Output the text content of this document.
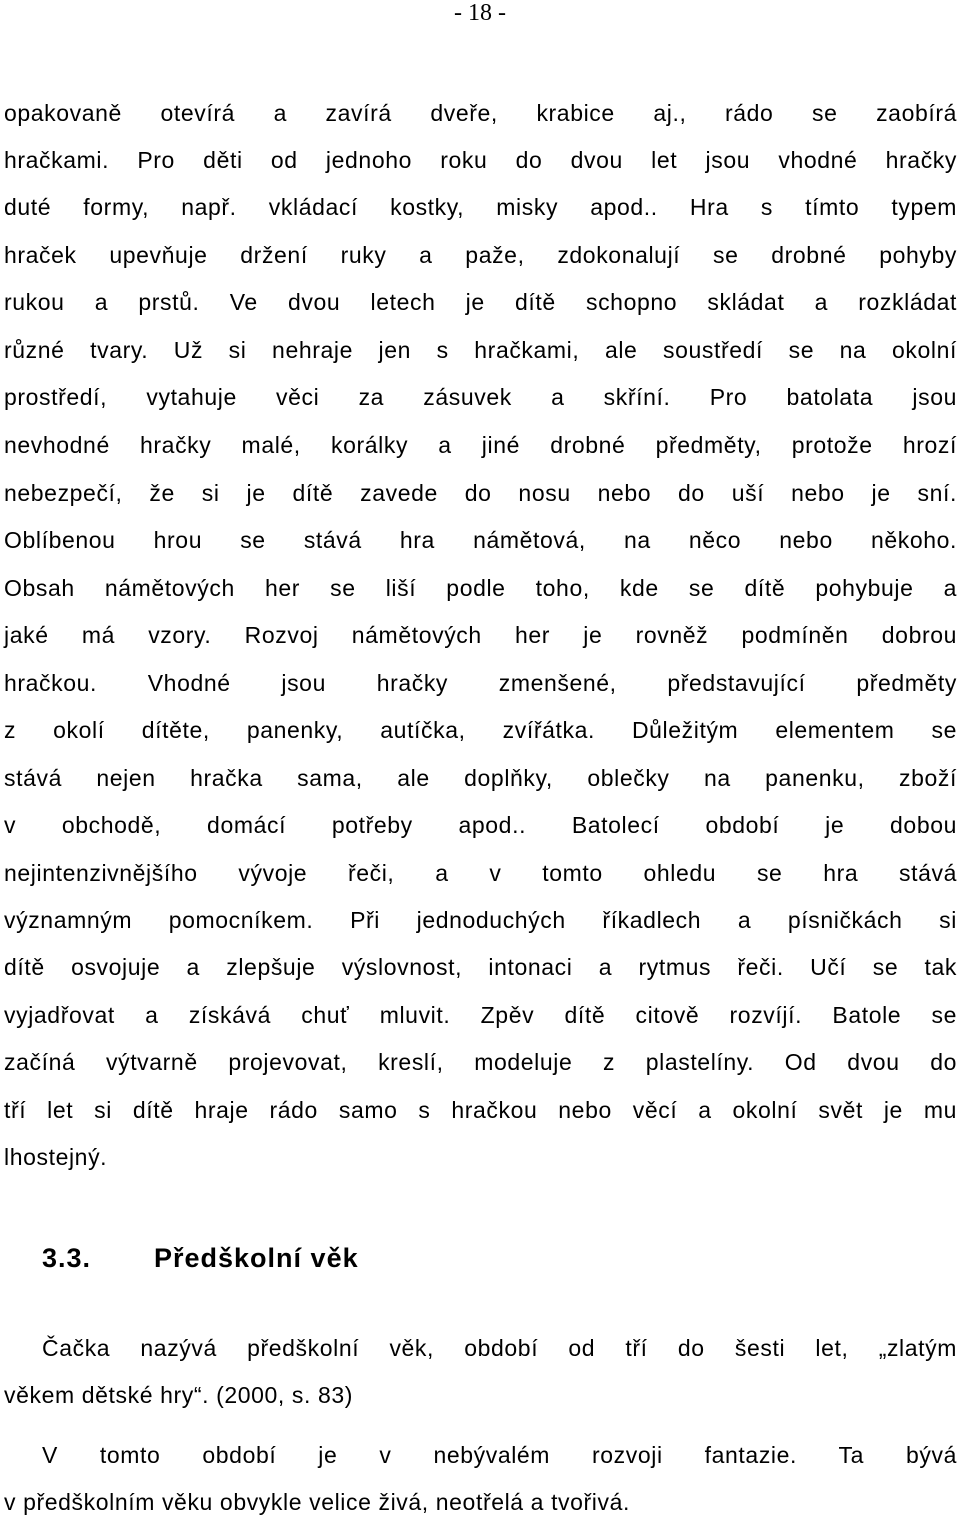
- 18 -
opakovaně otevírá a zavírá dveře, krabice aj., rádo se zaobírá
hračkami. Pro děti od jednoho roku do dvou let jsou vhodné hračky
duté formy, např. vkládací kostky, misky apod.. Hra s tímto typem
hraček upevňuje držení ruky a paže, zdokonalují se drobné pohyby
rukou a prstů. Ve dvou letech je dítě schopno skládat a rozkládat
různé tvary. Už si nehraje jen s hračkami, ale soustředí se na okolní
prostředí, vytahuje věci za zásuvek a skříní. Pro batolata jsou
nevhodné hračky malé, korálky a jiné drobné předměty, protože hrozí
nebezpečí, že si je dítě zavede do nosu nebo do uší nebo je sní.
Oblíbenou hrou se stává hra námětová, na něco nebo někoho.
Obsah námětových her se liší podle toho, kde se dítě pohybuje a
jaké má vzory. Rozvoj námětových her je rovněž podmíněn dobrou
hračkou. Vhodné jsou hračky zmenšené, představující předměty
z okolí dítěte, panenky, autíčka, zvířátka. Důležitým elementem se
stává nejen hračka sama, ale doplňky, oblečky na panenku, zboží
v obchodě, domácí potřeby apod.. Batolecí období je dobou
nejintenzivnějšího vývoje řeči, a v tomto ohledu se hra stává
významným pomocníkem. Při jednoduchých říkadlech a písničkách si
dítě osvojuje a zlepšuje výslovnost, intonaci a rytmus řeči. Učí se tak
vyjadřovat a získává chuť mluvit. Zpěv dítě citově rozvíjí. Batole se
začíná výtvarně projevovat, kreslí, modeluje z plastelíny. Od dvou do
tří let si dítě hraje rádo samo s hračkou nebo věcí a okolní svět je mu
lhostejný.
3.3. Předškolní věk
Čačka nazývá předškolní věk, období od tří do šesti let, „zlatým
věkem dětské hry“. (2000, s. 83)
V tomto období je v nebývalém rozvoji fantazie. Ta bývá
v předškolním věku obvykle velice živá, neotřelá a tvořivá.
